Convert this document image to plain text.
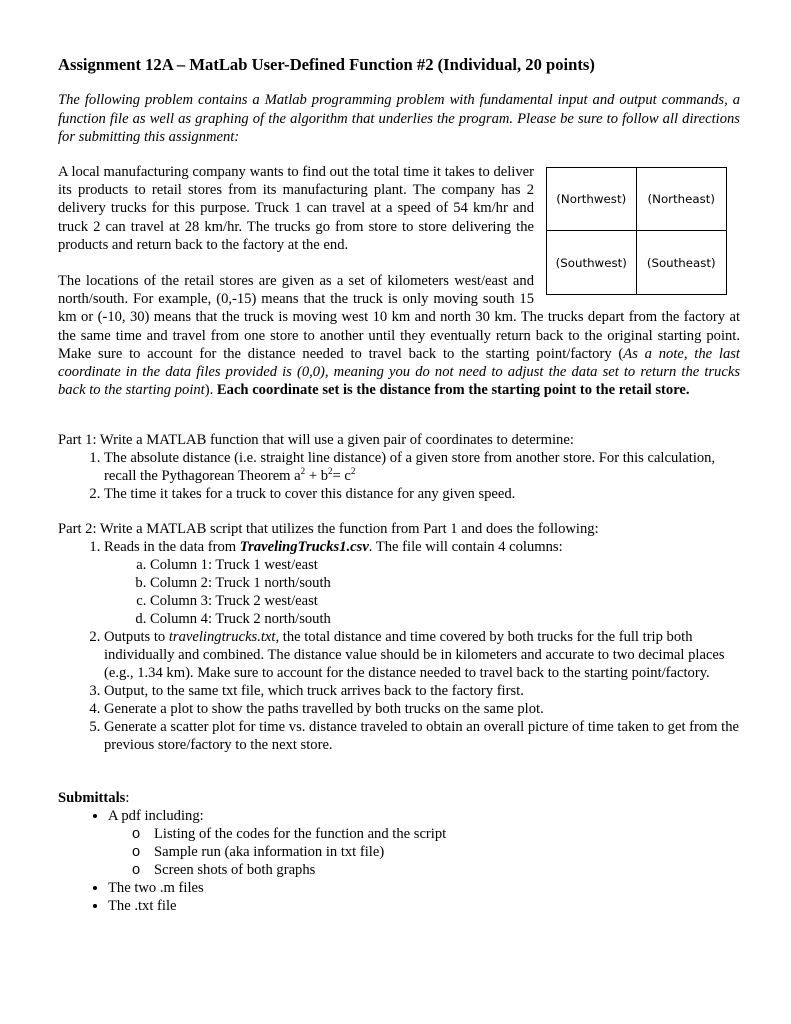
Assignment 12A – MatLab User-Defined Function #2 (Individual, 20 points)

The following problem contains a Matlab programming problem with fundamental input and output commands, a function file as well as graphing of the algorithm that underlies the program. Please be sure to follow all directions for submitting this assignment:

A local manufacturing company wants to find out the total time it takes to deliver its products to retail stores from its manufacturing plant. The company has 2 delivery trucks for this purpose. Truck 1 can travel at a speed of 54 km/hr and truck 2 can travel at 28 km/hr. The trucks go from store to store delivering the products and return back to the factory at the end.

The locations of the retail stores are given as a set of kilometers west/east and north/south. For example, (0,-15) means that the truck is only moving south 15 km or (-10, 30) means that the truck is moving west 10 km and north 30 km. The trucks depart from the factory at the same time and travel from one store to another until they eventually return back to the original starting point. Make sure to account for the distance needed to travel back to the starting point/factory (As a note, the last coordinate in the data files provided is (0,0), meaning you do not need to adjust the data set to return the trucks back to the starting point). Each coordinate set is the distance from the starting point to the retail store.

Part 1: Write a MATLAB function that will use a given pair of coordinates to determine:

1. The absolute distance (i.e. straight line distance) of a given store from another store. For this calculation, recall the Pythagorean Theorem $a^2 + b^2= c^2$
2. The time it takes for a truck to cover this distance for any given speed.

Part 2: Write a MATLAB script that utilizes the function from Part 1 and does the following:

1. Reads in the data from TravelingTrucks1.csv. The file will contain 4 columns:
a. Column 1: Truck 1 west/east
b. Column 2: Truck 1 north/south
c. Column 3: Truck 2 west/east
d. Column 4: Truck 2 north/south
2. Outputs to travelingtrucks.txt, the total distance and time covered by both trucks for the full trip both individually and combined. The distance value should be in kilometers and accurate to two decimal places (e.g., 1.34 km). Make sure to account for the distance needed to travel back to the starting point/factory.
3. Output, to the same txt file, which truck arrives back to the factory first.
4. Generate a plot to show the paths travelled by both trucks on the same plot.
5. Generate a scatter plot for time vs. distance traveled to obtain an overall picture of time taken to get from the previous store/factory to the next store.

Submittals:

• A pdf including:
o Listing of the codes for the function and the script
o Sample run (aka information in txt file)
o Screen shots of both graphs
• The two .m files
• The .txt file
(Northwest)	(Northeast)
(Southwest)	(Southeast)
